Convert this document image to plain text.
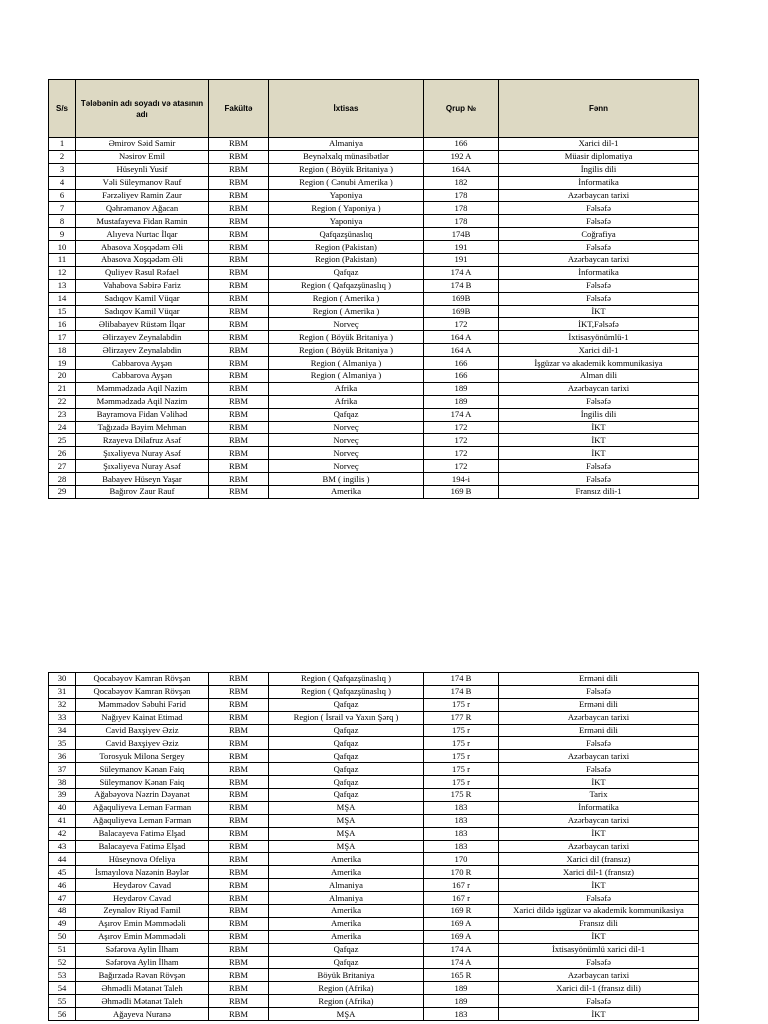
S/s	Tələbənin adı soyadı və atasının adı	Fakültə	İxtisas	Qrup №	Fənn
1	Əmirov Səid Samir	RBM	Almaniya	166	Xarici dil-1
2	Nəsirov Emil	RBM	Beynəlxalq münasibətlər	192 A	Müasir diplomatiya
3	Hüseynli Yusif	RBM	Region ( Böyük Britaniya )	164A	İngilis dili
4	Vəli Süleymanov Rauf	RBM	Region ( Cənubi Amerika )	182	İnformatika
6	Fərzəliyev Ramin Zaur	RBM	Yaponiya	178	Azərbaycan tarixi
7	Qəhrəmanov Ağacan	RBM	Region ( Yaponiya )	178	Fəlsəfə
8	Mustafayeva Fidan Ramin	RBM	Yaponiya	178	Fəlsəfə
9	Alıyeva Nurtac İlqar	RBM	Qafqazşünaslıq	174B	Coğrafiya
10	Abasova Xoşqədəm Əli	RBM	Region (Pakistan)	191	Fəlsəfə
11	Abasova Xoşqədəm Əli	RBM	Region (Pakistan)	191	Azərbaycan tarixi
12	Quliyev Rəsul Rəfael	RBM	Qafqaz	174 A	İnformatika
13	Vahabova Səbirə Fariz	RBM	Region ( Qafqazşünaslıq )	174 B	Fəlsəfə
14	Sadıqov Kamil Vüqar	RBM	Region ( Amerika )	169B	Fəlsəfə
15	Sadıqov Kamil Vüqar	RBM	Region ( Amerika )	169B	İKT
16	Əlibabayev Rüstəm İlqar	RBM	Norveç	172	İKT,Fəlsəfə
17	Əlirzayev Zeynalabdin	RBM	Region ( Böyük Britaniya )	164 A	İxtisasyönümlü-1
18	Əlirzayev Zeynalabdin	RBM	Region ( Böyük Britaniya )	164 A	Xarici dil-1
19	Cabbarova Ayşən	RBM	Region ( Almaniya )	166	İşgüzar və akademik kommunikasiya
20	Cabbarova Ayşən	RBM	Region ( Almaniya )	166	Alman dili
21	Məmmədzadə Aqil Nazim	RBM	Afrika	189	Azərbaycan tarixi
22	Məmmədzadə Aqil Nazim	RBM	Afrika	189	Fəlsəfə
23	Bayramova Fidan Vəlihəd	RBM	Qafqaz	174 A	İngilis dili
24	Tağızadə Bəyim Mehman	RBM	Norveç	172	İKT
25	Rzayeva Dilafruz Asəf	RBM	Norveç	172	İKT
26	Şıxəliyeva Nuray Asəf	RBM	Norveç	172	İKT
27	Şıxəliyeva Nuray Asəf	RBM	Norveç	172	Fəlsəfə
28	Babayev Hüseyn Yaşar	RBM	BM ( ingilis )	194-i	Fəlsəfə
29	Bağırov Zaur Rauf	RBM	Amerika	169 B	Fransız dili-1
30	Qocabəyov Kamran Rövşən	RBM	Region ( Qafqazşünaslıq )	174 B	Erməni dili
31	Qocabəyov Kamran Rövşən	RBM	Region ( Qafqazşünaslıq )	174 B	Fəlsəfə
32	Məmmədov Səbuhi Fərid	RBM	Qafqaz	175 r	Erməni dili
33	Nağıyev Kainat Etimad	RBM	Region ( İsrail və Yaxın Şərq )	177 R	Azərbaycan tarixi
34	Cavid Baxşiyev Əziz	RBM	Qafqaz	175 r	Erməni dili
35	Cavid Baxşiyev Əziz	RBM	Qafqaz	175 r	Fəlsəfə
36	Torosyuk Milona Sergey	RBM	Qafqaz	175 r	Azərbaycan tarixi
37	Süleymanov Kənan Faiq	RBM	Qafqaz	175 r	Fəlsəfə
38	Süleymanov Kənan Faiq	RBM	Qafqaz	175 r	İKT
39	Ağabəyova Nəzrin Dəyanət	RBM	Qafqaz	175 R	Tarix
40	Ağaquliyeva Leman Fərman	RBM	MŞA	183	İnformatika
41	Ağaquliyeva Leman Fərman	RBM	MŞA	183	Azərbaycan tarixi
42	Balacayeva Fatimə Elşad	RBM	MŞA	183	İKT
43	Balacayeva Fatimə Elşad	RBM	MŞA	183	Azərbaycan tarixi
44	Hüseynova Ofeliya	RBM	Amerika	170	Xarici dil (fransız)
45	İsmayılova Nazənin Bəylər	RBM	Amerika	170 R	Xarici dil-1 (fransız)
46	Heydərov Cavad	RBM	Almaniya	167 r	İKT
47	Heydərov Cavad	RBM	Almaniya	167 r	Fəlsəfə
48	Zeynalov Riyad Famil	RBM	Amerika	169 R	Xarici dildə işgüzar və akademik kommunikasiya
49	Aşırov Emin Məmmədəli	RBM	Amerika	169 A	Fransız dili
50	Aşırov Emin Məmmədəli	RBM	Amerika	169 A	İKT
51	Səfərova Aylin İlham	RBM	Qafqaz	174 A	İxtisasyönümlü xarici dil-1
52	Səfərova Aylin İlham	RBM	Qafqaz	174 A	Fəlsəfə
53	Bağırzadə Rəvan Rövşən	RBM	Böyük Britaniya	165 R	Azərbaycan tarixi
54	Əhmədli Mətanət Taleh	RBM	Region (Afrika)	189	Xarici dil-1 (fransız dili)
55	Əhmədli Mətanət Taleh	RBM	Region (Afrika)	189	Fəlsəfə
56	Ağayeva Nuranə	RBM	MŞA	183	İKT
